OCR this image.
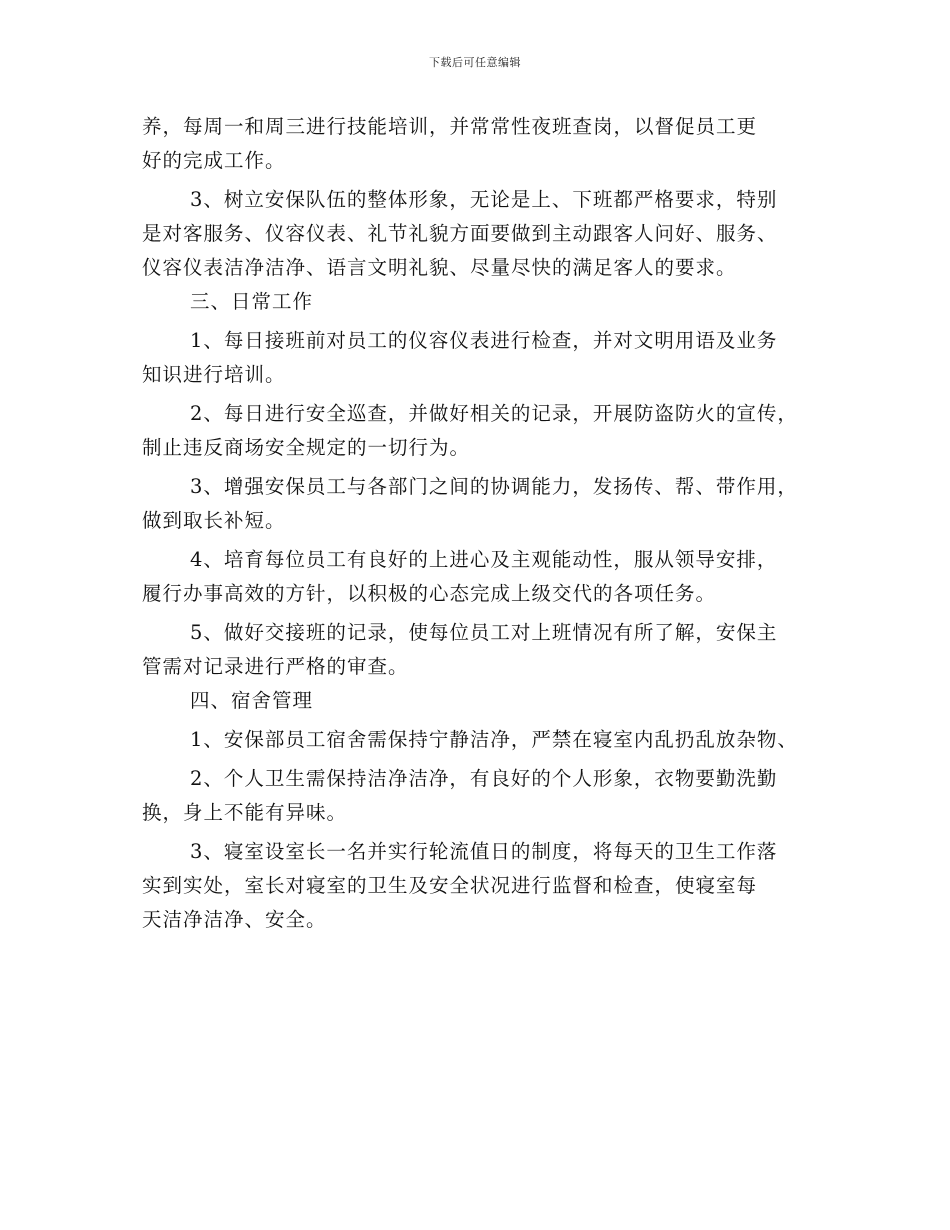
下载后可任意编辑
养，每周一和周三进行技能培训，并常常性夜班查岗，以督促员工更
好的完成工作。
3、树立安保队伍的整体形象，无论是上、下班都严格要求，特别
是对客服务、仪容仪表、礼节礼貌方面要做到主动跟客人问好、服务、
仪容仪表洁净洁净、语言文明礼貌、尽量尽快的满足客人的要求。
三、日常工作
1、每日接班前对员工的仪容仪表进行检查，并对文明用语及业务
知识进行培训。
2、每日进行安全巡查，并做好相关的记录，开展防盗防火的宣传，
制止违反商场安全规定的一切行为。
3、增强安保员工与各部门之间的协调能力，发扬传、帮、带作用，
做到取长补短。
4、培育每位员工有良好的上进心及主观能动性，服从领导安排，
履行办事高效的方针，以积极的心态完成上级交代的各项任务。
5、做好交接班的记录，使每位员工对上班情况有所了解，安保主
管需对记录进行严格的审查。
四、宿舍管理
1、安保部员工宿舍需保持宁静洁净，严禁在寝室内乱扔乱放杂物、
2、个人卫生需保持洁净洁净，有良好的个人形象，衣物要勤洗勤
换，身上不能有异味。
3、寝室设室长一名并实行轮流值日的制度，将每天的卫生工作落
实到实处，室长对寝室的卫生及安全状况进行监督和检查，使寝室每
天洁净洁净、安全。
